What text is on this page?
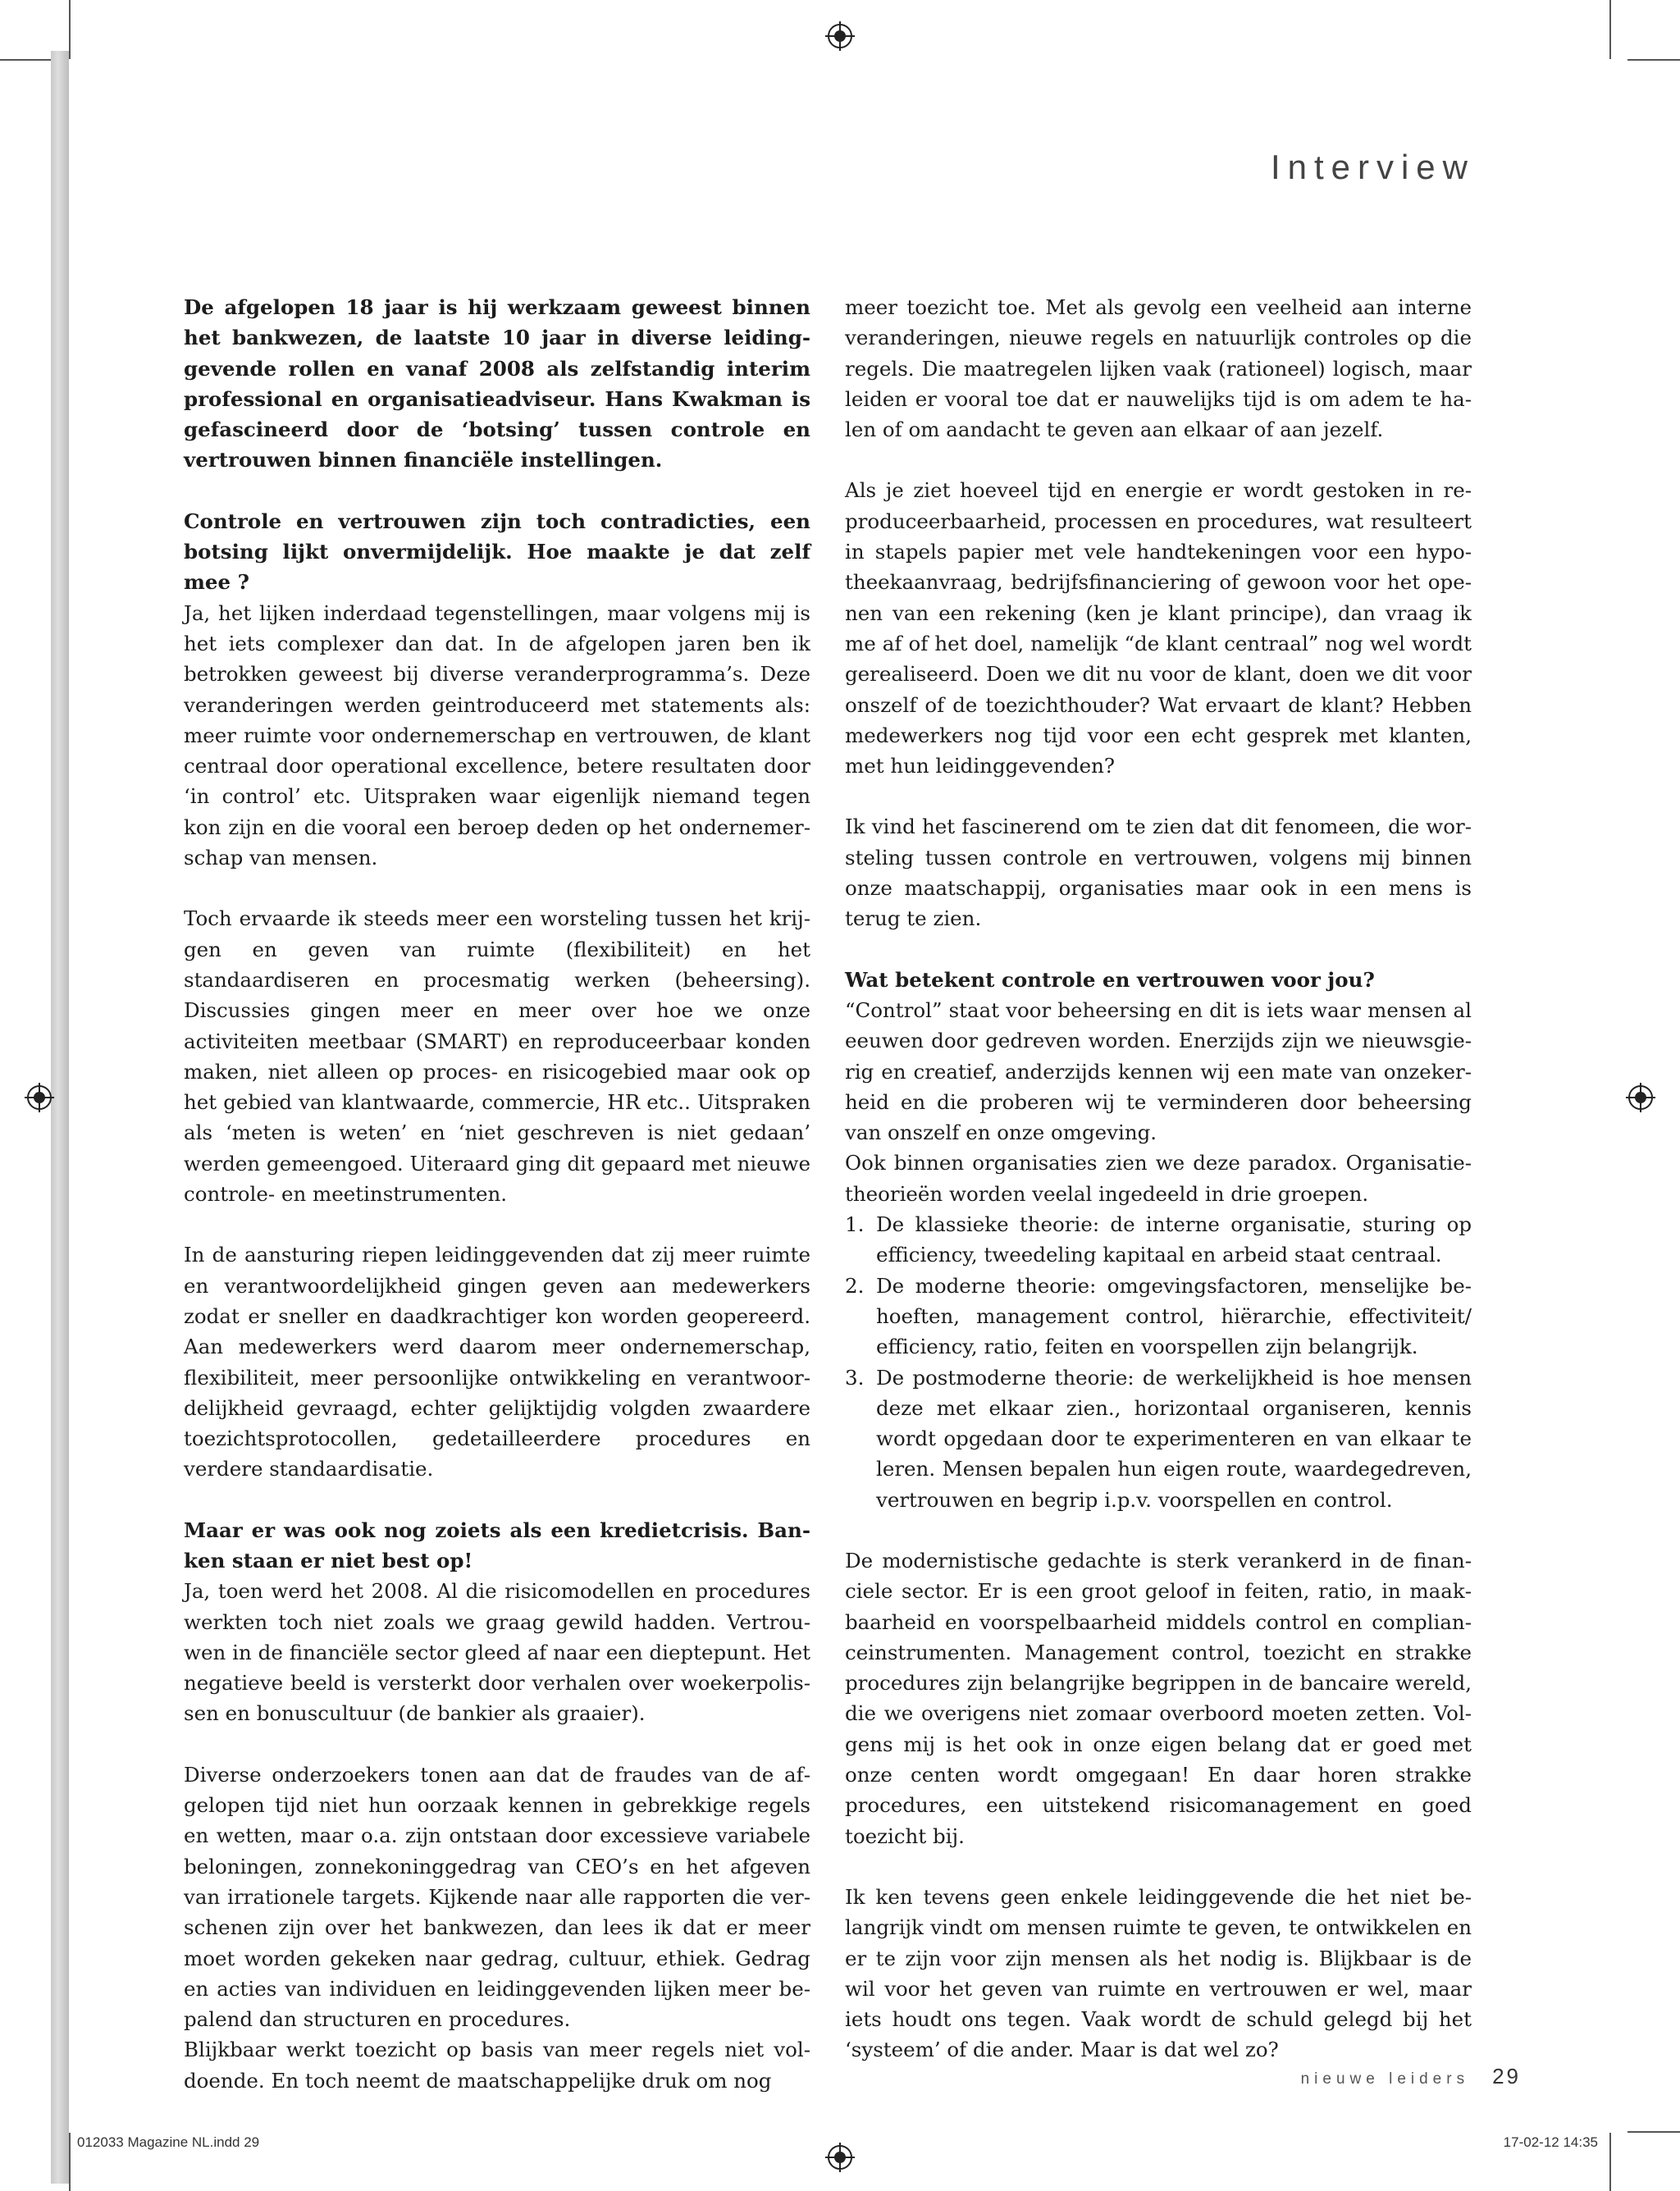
Interview

De afgelopen 18 jaar is hij werkzaam geweest binnen het bankwezen, de laatste 10 jaar in diverse leidinggevende rollen en vanaf 2008 als zelfstandig interim professional en organisatieadviseur. Hans Kwakman is gefascineerd door de ‘botsing’ tussen controle en vertrouwen binnen financiële instellingen.

Controle en vertrouwen zijn toch contradicties, een botsing lijkt onvermijdelijk. Hoe maakte je dat zelf mee ?

Ja, het lijken inderdaad tegenstellingen, maar volgens mij is het iets complexer dan dat. In de afgelopen jaren ben ik betrokken geweest bij diverse veranderprogramma’s. Deze veranderingen werden geintroduceerd met statements als: meer ruimte voor ondernemerschap en vertrouwen, de klant centraal door operational excellence, betere resultaten door ‘in control’ etc. Uitspraken waar eigenlijk niemand tegen kon zijn en die vooral een beroep deden op het ondernemerschap van mensen.

Toch ervaarde ik steeds meer een worsteling tussen het krijgen en geven van ruimte (flexibiliteit) en het standaardiseren en procesmatig werken (beheersing). Discussies gingen meer en meer over hoe we onze activiteiten meetbaar (SMART) en reproduceerbaar konden maken, niet alleen op proces- en risicogebied maar ook op het gebied van klantwaarde, commercie, HR etc.. Uitspraken als ‘meten is weten’ en ‘niet geschreven is niet gedaan’ werden gemeengoed. Uiteraard ging dit gepaard met nieuwe controle- en meetinstrumenten.

In de aansturing riepen leidinggevenden dat zij meer ruimte en verantwoordelijkheid gingen geven aan medewerkers zodat er sneller en daadkrachtiger kon worden geopereerd. Aan medewerkers werd daarom meer ondernemerschap, flexibiliteit, meer persoonlijke ontwikkeling en verantwoordelijkheid gevraagd, echter gelijktijdig volgden zwaardere toezichtsprotocollen, gedetailleerdere procedures en verdere standaardisatie.

Maar er was ook nog zoiets als een kredietcrisis. Banken staan er niet best op!

Ja, toen werd het 2008. Al die risicomodellen en procedures werkten toch niet zoals we graag gewild hadden. Vertrouwen in de financiële sector gleed af naar een dieptepunt. Het negatieve beeld is versterkt door verhalen over woekerpolissen en bonuscultuur (de bankier als graaier).

Diverse onderzoekers tonen aan dat de fraudes van de afgelopen tijd niet hun oorzaak kennen in gebrekkige regels en wetten, maar o.a. zijn ontstaan door excessieve variabele beloningen, zonnekoninggedrag van CEO’s en het afgeven van irrationele targets. Kijkende naar alle rapporten die verschenen zijn over het bankwezen, dan lees ik dat er meer moet worden gekeken naar gedrag, cultuur, ethiek. Gedrag en acties van individuen en leidinggevenden lijken meer bepalend dan structuren en procedures.

Blijkbaar werkt toezicht op basis van meer regels niet voldoende. En toch neemt de maatschappelijke druk om nog

meer toezicht toe. Met als gevolg een veelheid aan interne veranderingen, nieuwe regels en natuurlijk controles op die regels. Die maatregelen lijken vaak (rationeel) logisch, maar leiden er vooral toe dat er nauwelijks tijd is om adem te halen of om aandacht te geven aan elkaar of aan jezelf.

Als je ziet hoeveel tijd en energie er wordt gestoken in reproduceerbaarheid, processen en procedures, wat resulteert in stapels papier met vele handtekeningen voor een hypotheekaanvraag, bedrijfsfinanciering of gewoon voor het openen van een rekening (ken je klant principe), dan vraag ik me af of het doel, namelijk “de klant centraal” nog wel wordt gerealiseerd. Doen we dit nu voor de klant, doen we dit voor onszelf of de toezichthouder? Wat ervaart de klant? Hebben medewerkers nog tijd voor een echt gesprek met klanten, met hun leidinggevenden?

Ik vind het fascinerend om te zien dat dit fenomeen, die worsteling tussen controle en vertrouwen, volgens mij binnen onze maatschappij, organisaties maar ook in een mens is terug te zien.

Wat betekent controle en vertrouwen voor jou?

“Control” staat voor beheersing en dit is iets waar mensen al eeuwen door gedreven worden. Enerzijds zijn we nieuwsgierig en creatief, anderzijds kennen wij een mate van onzekerheid en die proberen wij te verminderen door beheersing van onszelf en onze omgeving.

Ook binnen organisaties zien we deze paradox. Organisatietheorieën worden veelal ingedeeld in drie groepen.

1. De klassieke theorie: de interne organisatie, sturing op efficiency, tweedeling kapitaal en arbeid staat centraal.
2. De moderne theorie: omgevingsfactoren, menselijke behoeften, management control, hiërarchie, effectiviteit/ efficiency, ratio, feiten en voorspellen zijn belangrijk.
3. De postmoderne theorie: de werkelijkheid is hoe mensen deze met elkaar zien., horizontaal organiseren, kennis wordt opgedaan door te experimenteren en van elkaar te leren. Mensen bepalen hun eigen route, waardegedreven, vertrouwen en begrip i.p.v. voorspellen en control.

De modernistische gedachte is sterk verankerd in de financiele sector. Er is een groot geloof in feiten, ratio, in maakbaarheid en voorspelbaarheid middels control en complianceinstrumenten. Management control, toezicht en strakke procedures zijn belangrijke begrippen in de bancaire wereld, die we overigens niet zomaar overboord moeten zetten. Volgens mij is het ook in onze eigen belang dat er goed met onze centen wordt omgegaan! En daar horen strakke procedures, een uitstekend risicomanagement en goed toezicht bij.

Ik ken tevens geen enkele leidinggevende die het niet belangrijk vindt om mensen ruimte te geven, te ontwikkelen en er te zijn voor zijn mensen als het nodig is. Blijkbaar is de wil voor het geven van ruimte en vertrouwen er wel, maar iets houdt ons tegen. Vaak wordt de schuld gelegd bij het ‘systeem’ of die ander. Maar is dat wel zo?

nieuwe leiders 29
012033 Magazine NL.indd 29	17-02-12 14:35
